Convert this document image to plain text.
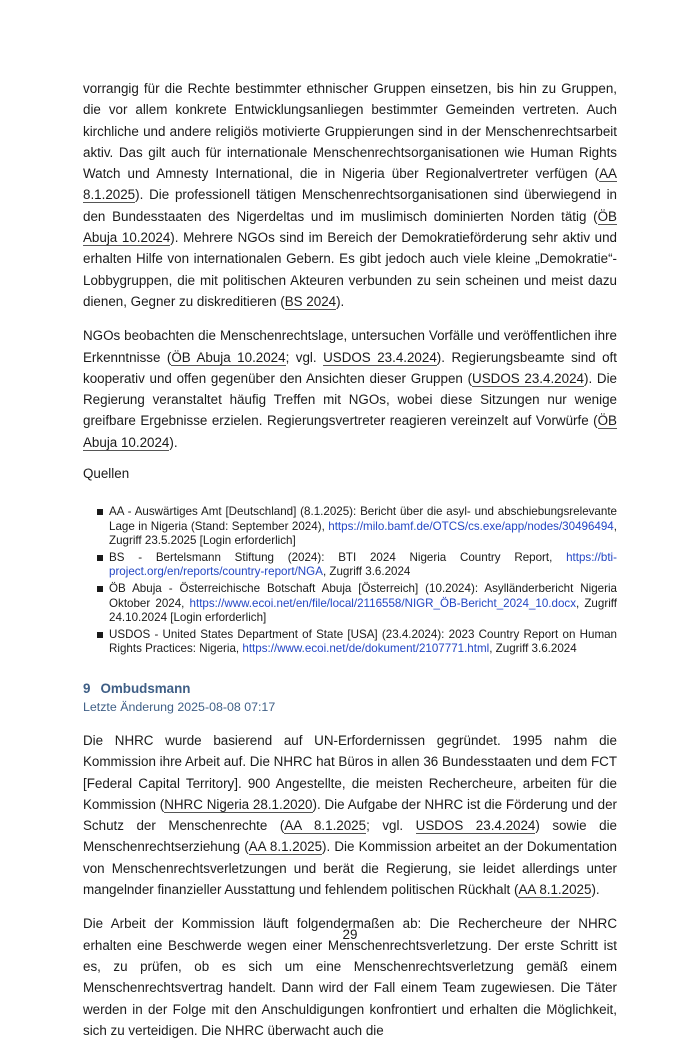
vorrangig für die Rechte bestimmter ethnischer Gruppen einsetzen, bis hin zu Gruppen, die vor allem konkrete Entwicklungsanliegen bestimmter Gemeinden vertreten. Auch kirchliche und andere religiös motivierte Gruppierungen sind in der Menschenrechtsarbeit aktiv. Das gilt auch für internationale Menschenrechtsorganisationen wie Human Rights Watch und Amnesty International, die in Nigeria über Regionalvertreter verfügen (AA 8.1.2025). Die professionell tätigen Menschenrechtsorganisationen sind überwiegend in den Bundesstaaten des Nigerdeltas und im muslimisch dominierten Norden tätig (ÖB Abuja 10.2024). Mehrere NGOs sind im Bereich der Demokratieförderung sehr aktiv und erhalten Hilfe von internationalen Gebern. Es gibt jedoch auch viele kleine „Demokratie“-Lobbygruppen, die mit politischen Akteuren verbunden zu sein scheinen und meist dazu dienen, Gegner zu diskreditieren (BS 2024).

NGOs beobachten die Menschenrechtslage, untersuchen Vorfälle und veröffentlichen ihre Erkenntnisse (ÖB Abuja 10.2024; vgl. USDOS 23.4.2024). Regierungsbeamte sind oft kooperativ und offen gegenüber den Ansichten dieser Gruppen (USDOS 23.4.2024). Die Regierung veranstaltet häufig Treffen mit NGOs, wobei diese Sitzungen nur wenige greifbare Ergebnisse erzielen. Regierungsvertreter reagieren vereinzelt auf Vorwürfe (ÖB Abuja 10.2024).

Quellen
AA - Auswärtiges Amt [Deutschland] (8.1.2025): Bericht über die asyl- und abschiebungsrelevante Lage in Nigeria (Stand: September 2024), https://milo.bamf.de/OTCS/cs.exe/app/nodes/30496494, Zugriff 23.5.2025 [Login erforderlich]
BS - Bertelsmann Stiftung (2024): BTI 2024 Nigeria Country Report, https://bti-project.org/en/reports/country-report/NGA, Zugriff 3.6.2024
ÖB Abuja - Österreichische Botschaft Abuja [Österreich] (10.2024): Asylländerbericht Nigeria Oktober 2024, https://www.ecoi.net/en/file/local/2116558/NIGR_ÖB-Bericht_2024_10.docx, Zugriff 24.10.2024 [Login erforderlich]
USDOS - United States Department of State [USA] (23.4.2024): 2023 Country Report on Human Rights Practices: Nigeria, https://www.ecoi.net/de/dokument/2107771.html, Zugriff 3.6.2024
9 Ombudsmann
Letzte Änderung 2025-08-08 07:17

Die NHRC wurde basierend auf UN-Erfordernissen gegründet. 1995 nahm die Kommission ihre Arbeit auf. Die NHRC hat Büros in allen 36 Bundesstaaten und dem FCT [Federal Capital Territory]. 900 Angestellte, die meisten Rechercheure, arbeiten für die Kommission (NHRC Nigeria 28.1.2020). Die Aufgabe der NHRC ist die Förderung und der Schutz der Menschenrechte (AA 8.1.2025; vgl. USDOS 23.4.2024) sowie die Menschenrechtserziehung (AA 8.1.2025). Die Kommission arbeitet an der Dokumentation von Menschenrechtsverletzungen und berät die Regierung, sie leidet allerdings unter mangelnder finanzieller Ausstattung und fehlendem politischen Rückhalt (AA 8.1.2025).

Die Arbeit der Kommission läuft folgendermaßen ab: Die Rechercheure der NHRC erhalten eine Beschwerde wegen einer Menschenrechtsverletzung. Der erste Schritt ist es, zu prüfen, ob es sich um eine Menschenrechtsverletzung gemäß einem Menschenrechtsvertrag handelt. Dann wird der Fall einem Team zugewiesen. Die Täter werden in der Folge mit den Anschuldigungen konfrontiert und erhalten die Möglichkeit, sich zu verteidigen. Die NHRC überwacht auch die

29
